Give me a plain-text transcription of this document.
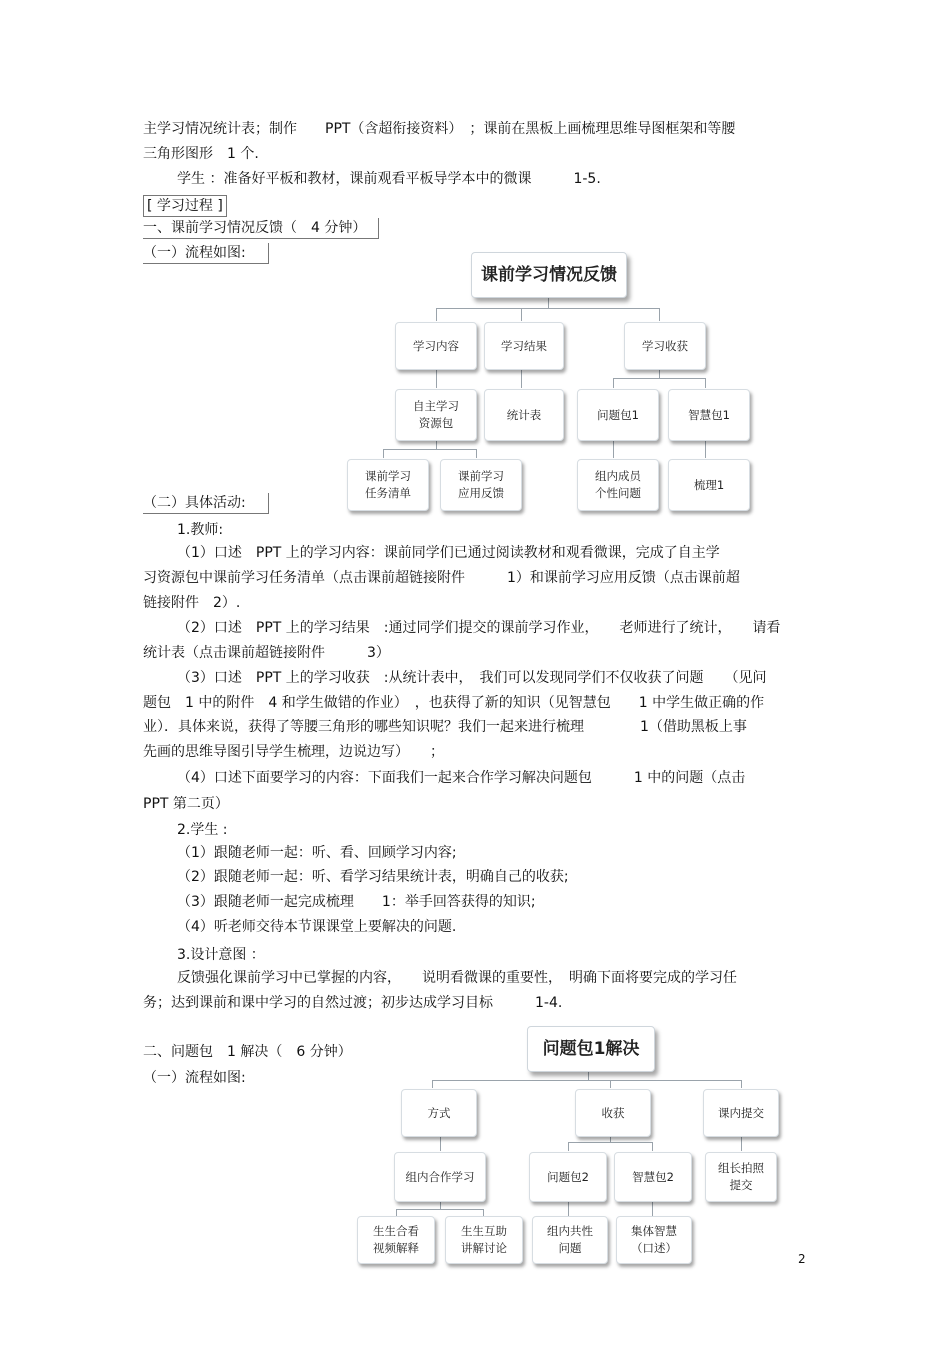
主学习情况统计表；制作　　PPT（含超衔接资料）　；课前在黑板上画梳理思维导图框架和等腰
三角形图形　1 个.
学生 ：准备好平板和教材，课前观看平板导学本中的微课　　　1-5.
[ 学习过程 ]
一、课前学习情况反馈（　4 分钟）
（一）流程如图:
（二）具体活动:
1.教师:
（1）口述　PPT 上的学习内容：课前同学们已通过阅读教材和观看微课，完成了自主学
习资源包中课前学习任务清单（点击课前超链接附件　　　1）和课前学习应用反馈（点击课前超
链接附件　2）.
（2）口述　PPT 上的学习结果　:通过同学们提交的课前学习作业，　　老师进行了统计，　　请看
统计表（点击课前超链接附件　　　3）
（3）口述　PPT 上的学习收获　:从统计表中，　我们可以发现同学们不仅收获了问题　　（见问
题包　1 中的附件　4 和学生做错的作业）　，也获得了新的知识（见智慧包　　1 中学生做正确的作
业）．具体来说，获得了等腰三角形的哪些知识呢？我们一起来进行梳理　　　　1（借助黑板上事
先画的思维导图引导学生梳理，边说边写）　　；
（4）口述下面要学习的内容：下面我们一起来合作学习解决问题包　　　1 中的问题（点击
PPT 第二页）
2.学生 :
（1）跟随老师一起：听、看、回顾学习内容;
（2）跟随老师一起：听、看学习结果统计表，明确自己的收获;
（3）跟随老师一起完成梳理　　1：举手回答获得的知识;
（4）听老师交待本节课课堂上要解决的问题.
3.设计意图 ：
反馈强化课前学习中已掌握的内容，　　说明看微课的重要性，　明确下面将要完成的学习任
务；达到课前和课中学习的自然过渡；初步达成学习目标　　　1-4.
二、问题包　1 解决（　6 分钟）
（一）流程如图:
课前学习情况反馈
学习内容	学习结果	学习收获
自主学习
资源包
统计表	问题包1	智慧包1
课前学习
任务清单
课前学习
应用反馈
组内成员
个性问题
梳理1
问题包1解决
方式	收获	课内提交
组内合作学习	问题包2	智慧包2
组长拍照
提交
生生合看
视频解释
生生互助
讲解讨论
组内共性
问题
集体智慧
（口述）
2
